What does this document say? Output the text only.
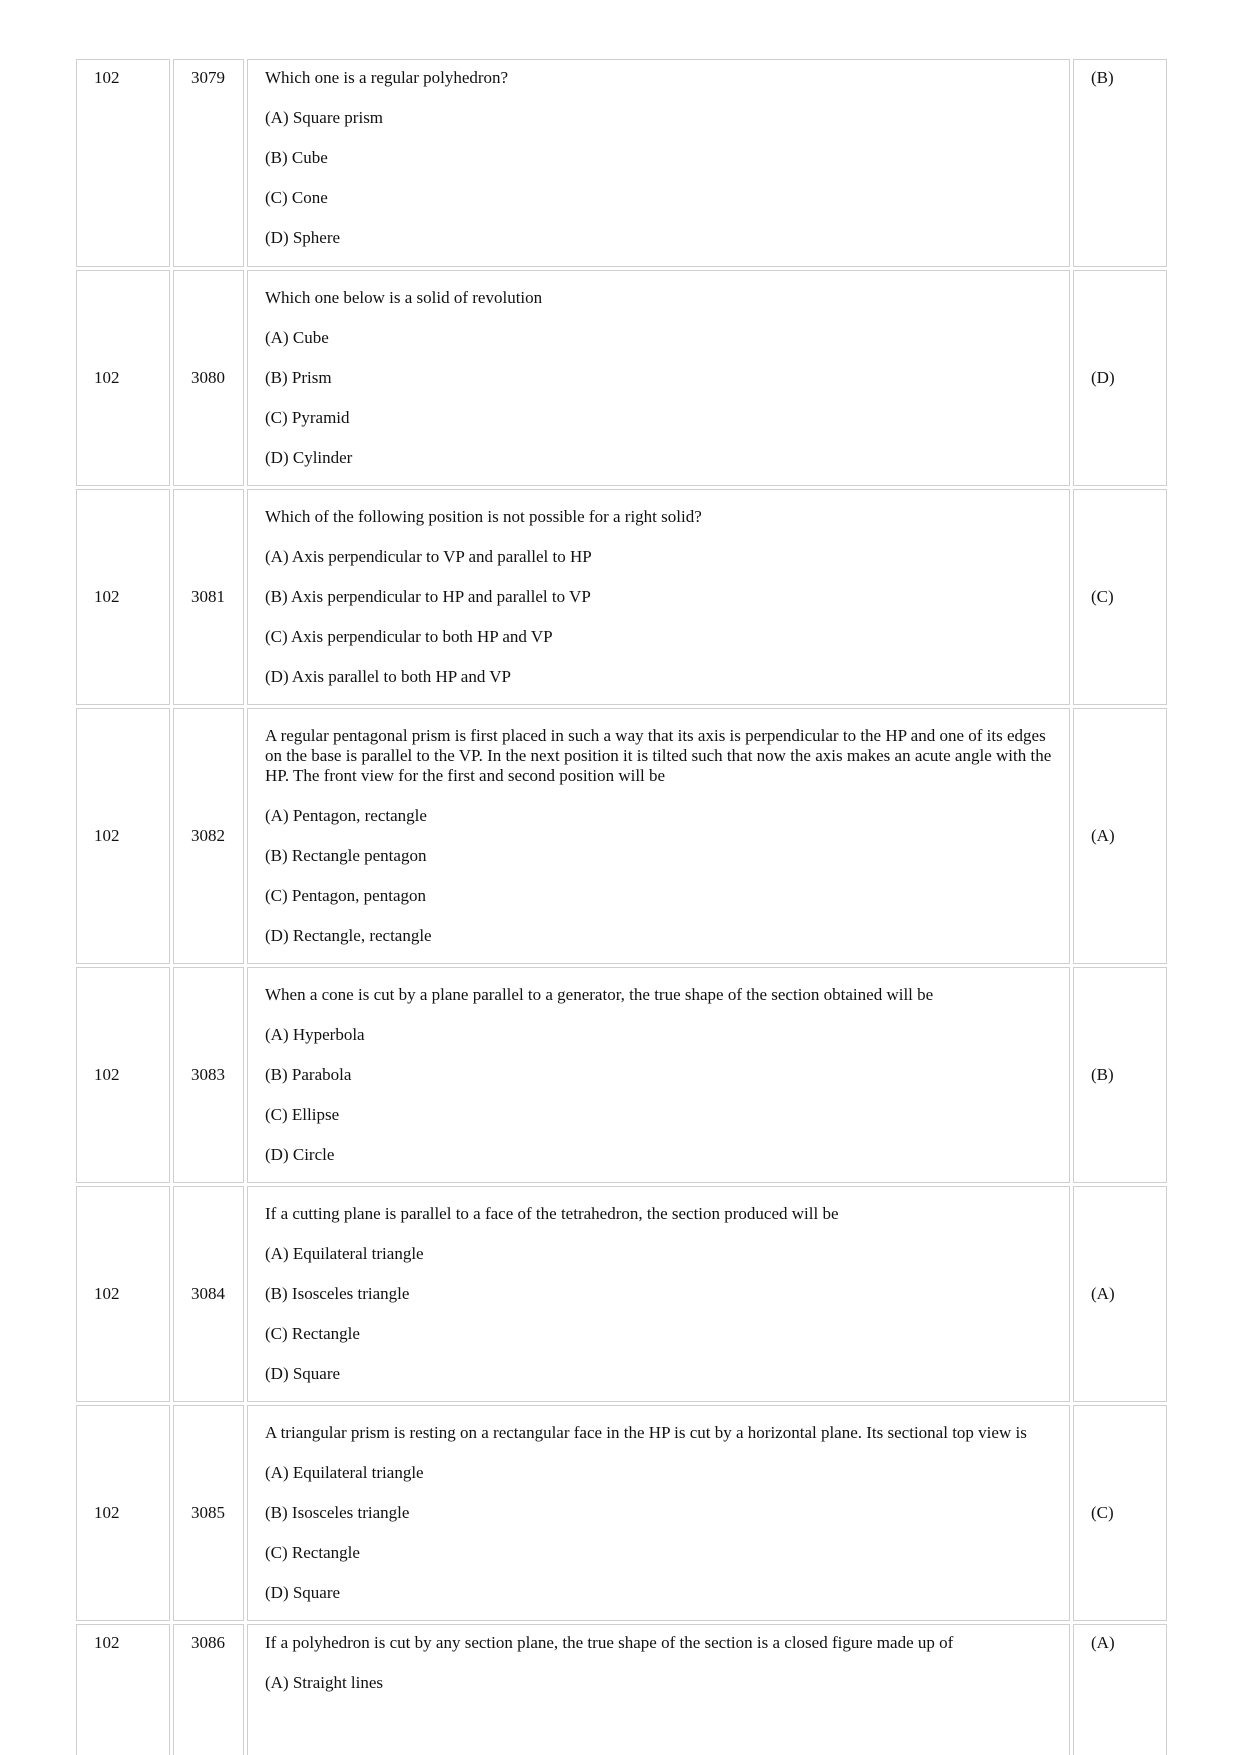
102	3079	Which one is a regular polyhedron?
(A) Square prism
(B) Cube
(C) Cone
(D) Sphere	(B)
102	3080	Which one below is a solid of revolution
(A) Cube
(B) Prism
(C) Pyramid
(D) Cylinder	(D)
102	3081	Which of the following position is not possible for a right solid?
(A) Axis perpendicular to VP and parallel to HP
(B) Axis perpendicular to HP and parallel to VP
(C) Axis perpendicular to both HP and VP
(D) Axis parallel to both HP and VP	(C)
102	3082	A regular pentagonal prism is first placed in such a way that its axis is perpendicular to the HP and one of its edges on the base is parallel to the VP. In the next position it is tilted such that now the axis makes an acute angle with the HP. The front view for the first and second position will be
(A) Pentagon, rectangle
(B) Rectangle pentagon
(C) Pentagon, pentagon
(D) Rectangle, rectangle	(A)
102	3083	When a cone is cut by a plane parallel to a generator, the true shape of the section obtained will be
(A) Hyperbola
(B) Parabola
(C) Ellipse
(D) Circle	(B)
102	3084	If a cutting plane is parallel to a face of the tetrahedron, the section produced will be
(A) Equilateral triangle
(B) Isosceles triangle
(C) Rectangle
(D) Square	(A)
102	3085	A triangular prism is resting on a rectangular face in the HP is cut by a horizontal plane. Its sectional top view is
(A) Equilateral triangle
(B) Isosceles triangle
(C) Rectangle
(D) Square	(C)
102	3086	If a polyhedron is cut by any section plane, the true shape of the section is a closed figure made up of
(A) Straight lines	(A)
